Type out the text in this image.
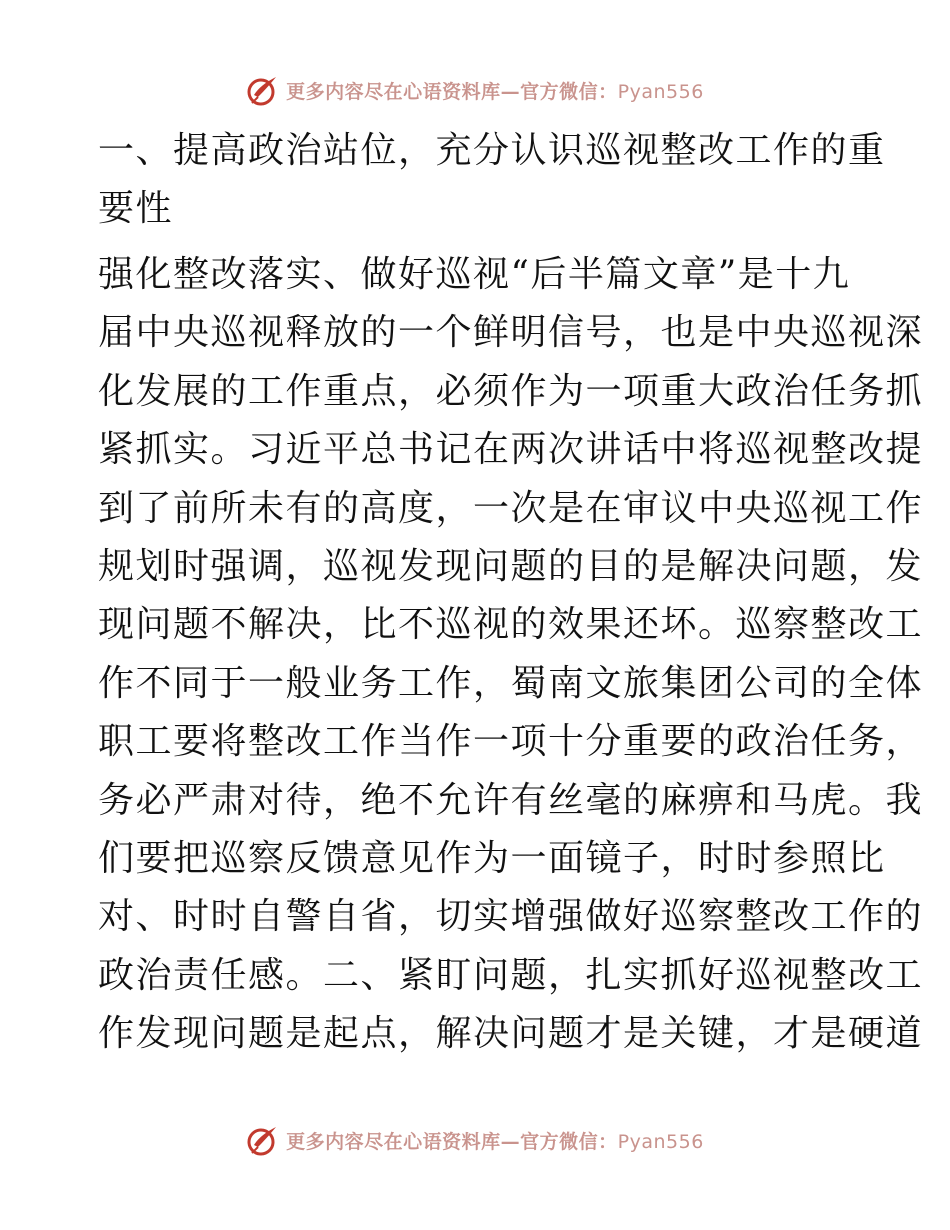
更多内容尽在心语资料库—官方微信：Pyan556
一、提高政治站位，充分认识巡视整改工作的重
要性
强化整改落实、做好巡视“后半篇文章”是十九
届中央巡视释放的一个鲜明信号，也是中央巡视深
化发展的工作重点，必须作为一项重大政治任务抓
紧抓实。习近平总书记在两次讲话中将巡视整改提
到了前所未有的高度，一次是在审议中央巡视工作
规划时强调，巡视发现问题的目的是解决问题，发
现问题不解决，比不巡视的效果还坏。巡察整改工
作不同于一般业务工作，蜀南文旅集团公司的全体
职工要将整改工作当作一项十分重要的政治任务，
务必严肃对待，绝不允许有丝毫的麻痹和马虎。我
们要把巡察反馈意见作为一面镜子，时时参照比
对、时时自警自省，切实增强做好巡察整改工作的
政治责任感。二、紧盯问题，扎实抓好巡视整改工
作发现问题是起点，解决问题才是关键，才是硬道
更多内容尽在心语资料库—官方微信：Pyan556
